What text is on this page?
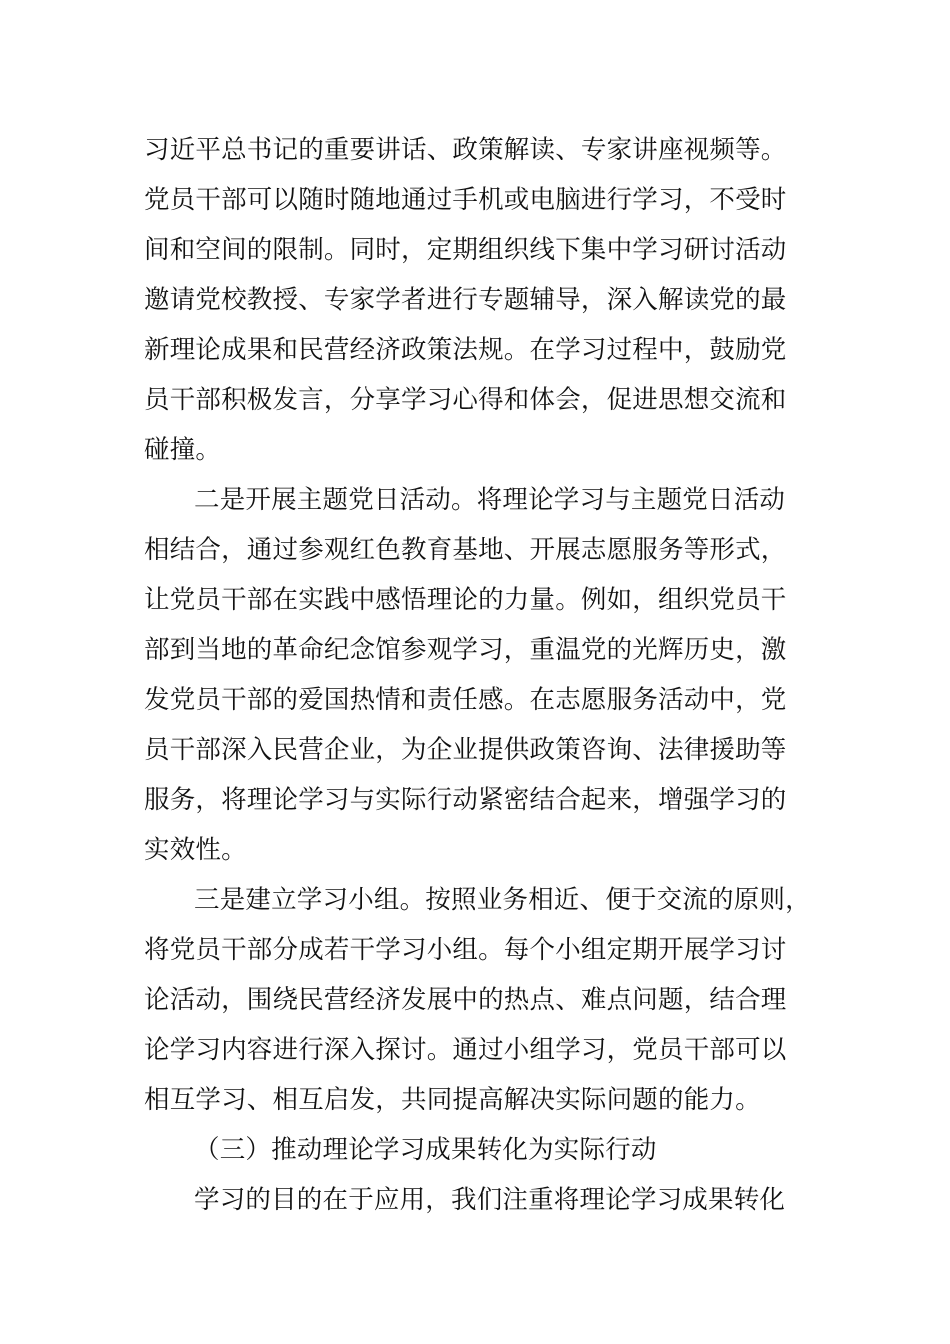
习近平总书记的重要讲话、政策解读、专家讲座视频等。
党员干部可以随时随地通过手机或电脑进行学习，不受时
间和空间的限制。同时，定期组织线下集中学习研讨活动
邀请党校教授、专家学者进行专题辅导，深入解读党的最
新理论成果和民营经济政策法规。在学习过程中，鼓励党
员干部积极发言，分享学习心得和体会，促进思想交流和
碰撞。
二是开展主题党日活动。将理论学习与主题党日活动
相结合，通过参观红色教育基地、开展志愿服务等形式，
让党员干部在实践中感悟理论的力量。例如，组织党员干
部到当地的革命纪念馆参观学习，重温党的光辉历史，激
发党员干部的爱国热情和责任感。在志愿服务活动中，党
员干部深入民营企业，为企业提供政策咨询、法律援助等
服务，将理论学习与实际行动紧密结合起来，增强学习的
实效性。
三是建立学习小组。按照业务相近、便于交流的原则，
将党员干部分成若干学习小组。每个小组定期开展学习讨
论活动，围绕民营经济发展中的热点、难点问题，结合理
论学习内容进行深入探讨。通过小组学习，党员干部可以
相互学习、相互启发，共同提高解决实际问题的能力。
（三）推动理论学习成果转化为实际行动
学习的目的在于应用，我们注重将理论学习成果转化
